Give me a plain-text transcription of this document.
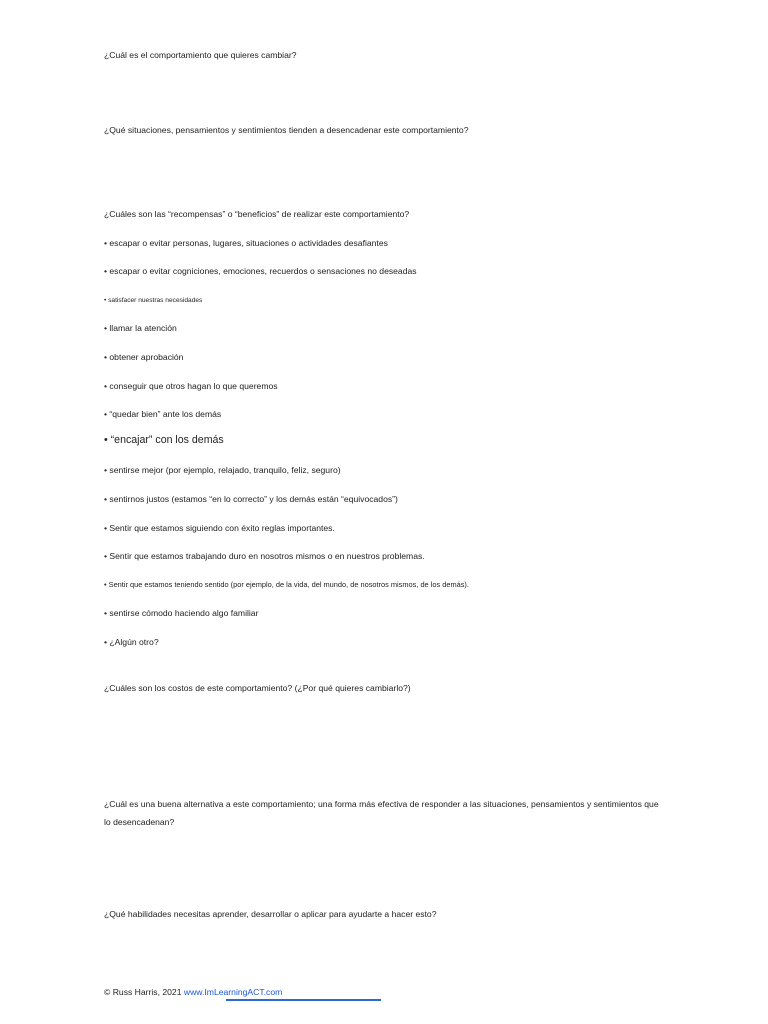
¿Cuál es el comportamiento que quieres cambiar?
¿Qué situaciones, pensamientos y sentimientos tienden a desencadenar este comportamiento?
¿Cuáles son las “recompensas” o “beneficios” de realizar este comportamiento?
• escapar o evitar personas, lugares, situaciones o actividades desafiantes
• escapar o evitar cogniciones, emociones, recuerdos o sensaciones no deseadas
• satisfacer nuestras necesidades
• llamar la atención
• obtener aprobación
• conseguir que otros hagan lo que queremos
• “quedar bien” ante los demás
• “encajar” con los demás
• sentirse mejor (por ejemplo, relajado, tranquilo, feliz, seguro)
• sentirnos justos (estamos “en lo correcto” y los demás están “equivocados”)
• Sentir que estamos siguiendo con éxito reglas importantes.
• Sentir que estamos trabajando duro en nosotros mismos o en nuestros problemas.
• Sentir que estamos teniendo sentido (por ejemplo, de la vida, del mundo, de nosotros mismos, de los demás).
• sentirse cómodo haciendo algo familiar
• ¿Algún otro?
¿Cuáles son los costos de este comportamiento? (¿Por qué quieres cambiarlo?)
¿Cuál es una buena alternativa a este comportamiento; una forma más efectiva de responder a las situaciones, pensamientos y sentimientos que lo desencadenan?
¿Qué habilidades necesitas aprender, desarrollar o aplicar para ayudarte a hacer esto?
© Russ Harris, 2021 www.ImLearningACT.com
